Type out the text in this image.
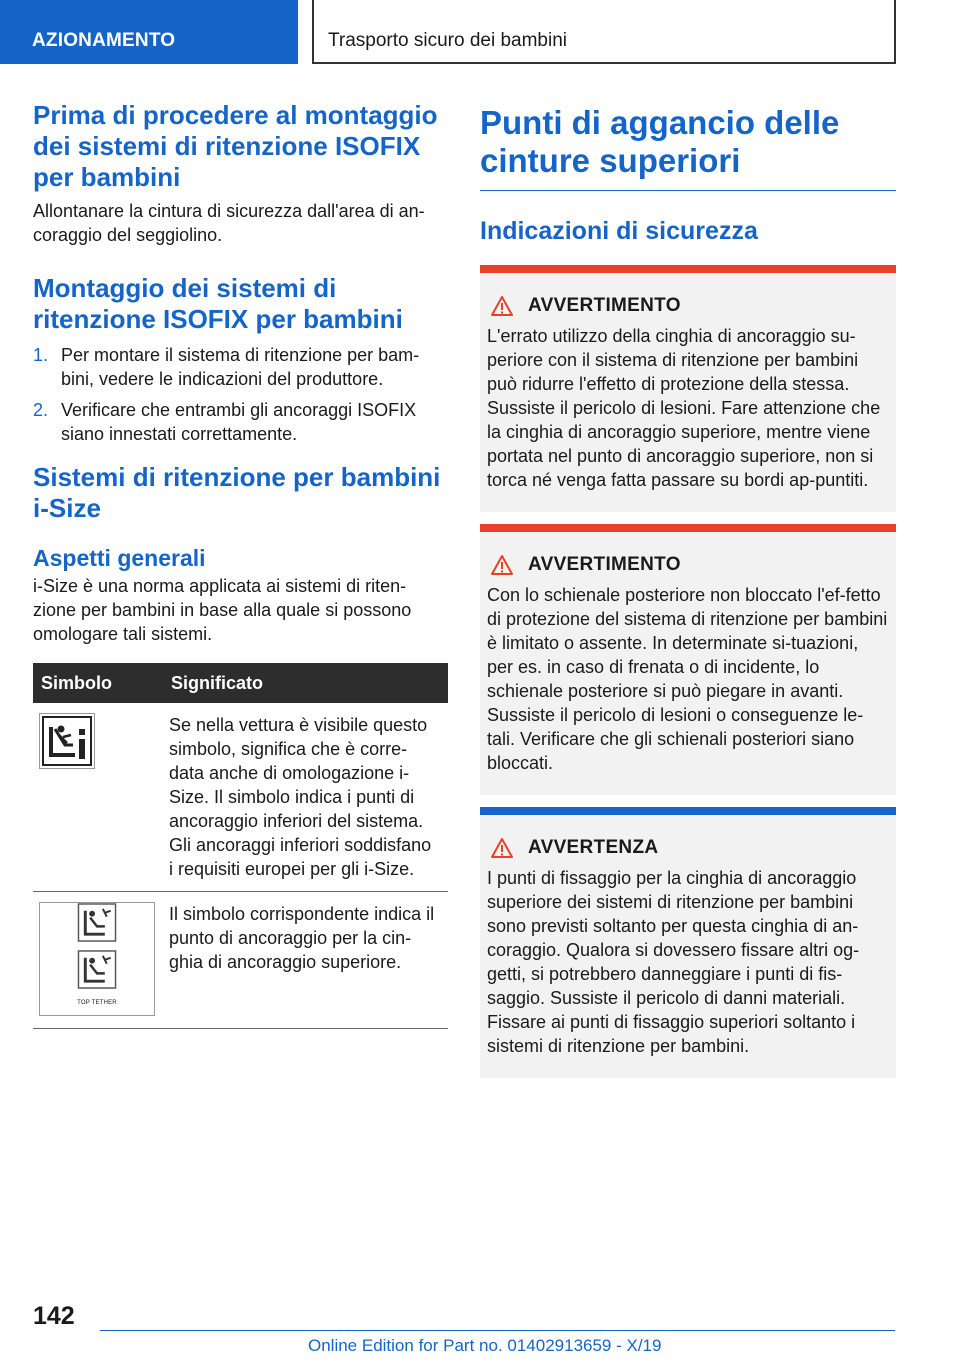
AZIONAMENTO	Trasporto sicuro dei bambini
Prima di procedere al montaggio dei sistemi di ritenzione ISOFIX per bambini

Allontanare la cintura di sicurezza dall'area di an-coraggio del seggiolino.

Montaggio dei sistemi di ritenzione ISOFIX per bambini
1. Per montare il sistema di ritenzione per bam-bini, vedere le indicazioni del produttore.
2. Verificare che entrambi gli ancoraggi ISOFIX siano innestati correttamente.
Sistemi di ritenzione per bambini i-Size
Aspetti generali

i-Size è una norma applicata ai sistemi di riten-zione per bambini in base alla quale si possono omologare tali sistemi.

Simbolo	Significato

	Se nella vettura è visibile questo simbolo, significa che è corre-data anche di omologazione i-Size. Il simbolo indica i punti di ancoraggio inferiori del sistema. Gli ancoraggi inferiori soddisfano i requisiti europei per gli i-Size.

TOP TETHER	Il simbolo corrispondente indica il punto di ancoraggio per la cin-ghia di ancoraggio superiore.
Punti di aggancio delle cinture superiori
Indicazioni di sicurezza
AVVERTIMENTO
L'errato utilizzo della cinghia di ancoraggio su-periore con il sistema di ritenzione per bambini può ridurre l'effetto di protezione della stessa. Sussiste il pericolo di lesioni. Fare attenzione che la cinghia di ancoraggio superiore, mentre viene portata nel punto di ancoraggio superiore, non si torca né venga fatta passare su bordi ap-puntiti.
AVVERTIMENTO
Con lo schienale posteriore non bloccato l'ef-fetto di protezione del sistema di ritenzione per bambini è limitato o assente. In determinate si-tuazioni, per es. in caso di frenata o di incidente, lo schienale posteriore si può piegare in avanti. Sussiste il pericolo di lesioni o conseguenze le-tali. Verificare che gli schienali posteriori siano bloccati.
AVVERTENZA
I punti di fissaggio per la cinghia di ancoraggio superiore dei sistemi di ritenzione per bambini sono previsti soltanto per questa cinghia di an-coraggio. Qualora si dovessero fissare altri og-getti, si potrebbero danneggiare i punti di fis-saggio. Sussiste il pericolo di danni materiali. Fissare ai punti di fissaggio superiori soltanto i sistemi di ritenzione per bambini.
142
Online Edition for Part no. 01402913659 - X/19
